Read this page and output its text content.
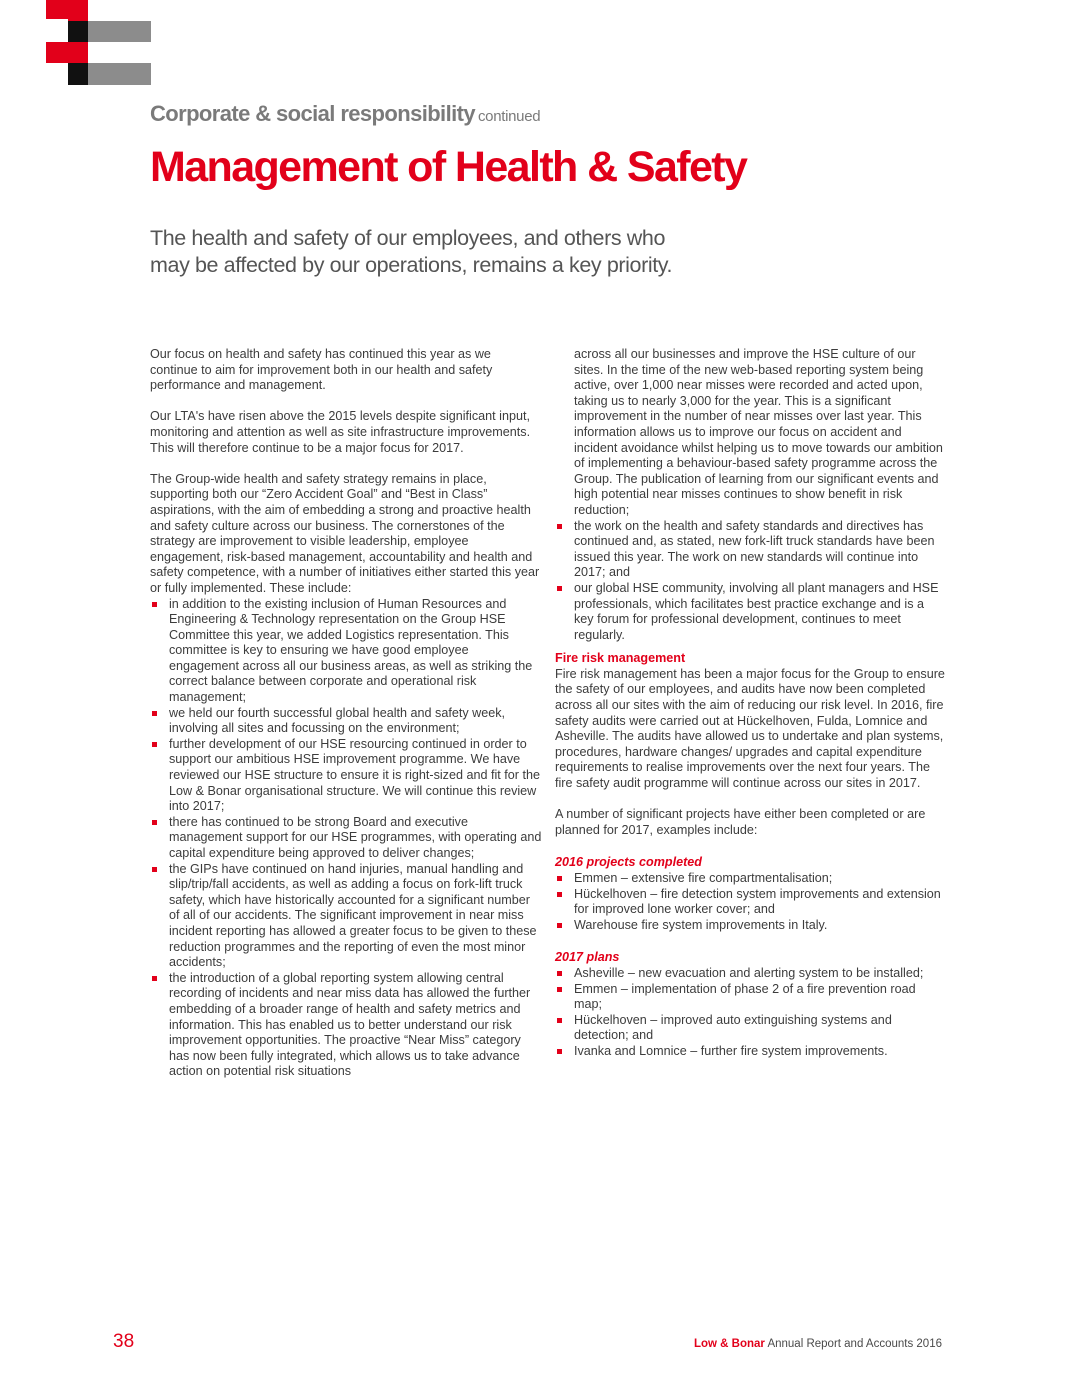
Corporate & social responsibility continued
Management of Health & Safety

The health and safety of our employees, and others who may be affected by our operations, remains a key priority.

Our focus on health and safety has continued this year as we continue to aim for improvement both in our health and safety performance and management.

Our LTA's have risen above the 2015 levels despite significant input, monitoring and attention as well as site infrastructure improvements. This will therefore continue to be a major focus for 2017.

The Group-wide health and safety strategy remains in place, supporting both our “Zero Accident Goal” and “Best in Class” aspirations, with the aim of embedding a strong and proactive health and safety culture across our business. The cornerstones of the strategy are improvement to visible leadership, employee engagement, risk-based management, accountability and health and safety competence, with a number of initiatives either started this year or fully implemented. These include:

in addition to the existing inclusion of Human Resources and Engineering & Technology representation on the Group HSE Committee this year, we added Logistics representation. This committee is key to ensuring we have good employee engagement across all our business areas, as well as striking the correct balance between corporate and operational risk management;
we held our fourth successful global health and safety week, involving all sites and focussing on the environment;
further development of our HSE resourcing continued in order to support our ambitious HSE improvement programme. We have reviewed our HSE structure to ensure it is right-sized and fit for the Low & Bonar organisational structure. We will continue this review into 2017;
there has continued to be strong Board and executive management support for our HSE programmes, with operating and capital expenditure being approved to deliver changes;
the GIPs have continued on hand injuries, manual handling and slip/trip/fall accidents, as well as adding a focus on fork-lift truck safety, which have historically accounted for a significant number of all of our accidents. The significant improvement in near miss incident reporting has allowed a greater focus to be given to these reduction programmes and the reporting of even the most minor accidents;
the introduction of a global reporting system allowing central recording of incidents and near miss data has allowed the further embedding of a broader range of health and safety metrics and information. This has enabled us to better understand our risk improvement opportunities. The proactive “Near Miss” category has now been fully integrated, which allows us to take advance action on potential risk situations
across all our businesses and improve the HSE culture of our sites. In the time of the new web-based reporting system being active, over 1,000 near misses were recorded and acted upon, taking us to nearly 3,000 for the year. This is a significant improvement in the number of near misses over last year. This information allows us to improve our focus on accident and incident avoidance whilst helping us to move towards our ambition of implementing a behaviour-based safety programme across the Group. The publication of learning from our significant events and high potential near misses continues to show benefit in risk reduction;
the work on the health and safety standards and directives has continued and, as stated, new fork-lift truck standards have been issued this year. The work on new standards will continue into 2017; and
our global HSE community, involving all plant managers and HSE professionals, which facilitates best practice exchange and is a key forum for professional development, continues to meet regularly.
Fire risk management

Fire risk management has been a major focus for the Group to ensure the safety of our employees, and audits have now been completed across all our sites with the aim of reducing our risk level. In 2016, fire safety audits were carried out at Hückelhoven, Fulda, Lomnice and Asheville. The audits have allowed us to undertake and plan systems, procedures, hardware changes/ upgrades and capital expenditure requirements to realise improvements over the next four years. The fire safety audit programme will continue across our sites in 2017.

A number of significant projects have either been completed or are planned for 2017, examples include:

2016 projects completed
Emmen – extensive fire compartmentalisation;
Hückelhoven – fire detection system improvements and extension for improved lone worker cover; and
Warehouse fire system improvements in Italy.
2017 plans
Asheville – new evacuation and alerting system to be installed;
Emmen – implementation of phase 2 of a fire prevention road map;
Hückelhoven – improved auto extinguishing systems and detection; and
Ivanka and Lomnice – further fire system improvements.
38	Low & Bonar Annual Report and Accounts 2016
